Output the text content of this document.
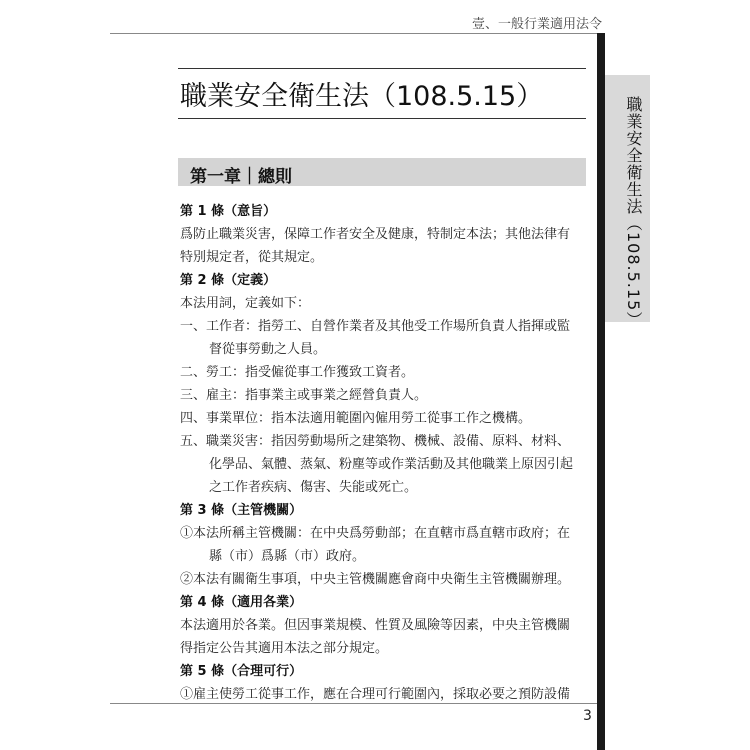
壹、一般行業適用法令
職業安全衛生法（108.5.15）
職業安全衛生法（108.5.15）
第一章｜總則
第 1 條（意旨）
爲防止職業災害，保障工作者安全及健康，特制定本法；其他法律有
特別規定者，從其規定。
第 2 條（定義）
本法用詞，定義如下：
一、工作者：指勞工、自營作業者及其他受工作場所負責人指揮或監
督從事勞動之人員。
二、勞工：指受僱從事工作獲致工資者。
三、雇主：指事業主或事業之經營負責人。
四、事業單位：指本法適用範圍內僱用勞工從事工作之機構。
五、職業災害：指因勞動場所之建築物、機械、設備、原料、材料、
化學品、氣體、蒸氣、粉塵等或作業活動及其他職業上原因引起
之工作者疾病、傷害、失能或死亡。
第 3 條（主管機關）
①本法所稱主管機關：在中央爲勞動部；在直轄市爲直轄市政府；在
縣（市）爲縣（市）政府。
②本法有關衛生事項，中央主管機關應會商中央衛生主管機關辦理。
第 4 條（適用各業）
本法適用於各業。但因事業規模、性質及風險等因素，中央主管機關
得指定公告其適用本法之部分規定。
第 5 條（合理可行）
①雇主使勞工從事工作，應在合理可行範圍內，採取必要之預防設備
3
